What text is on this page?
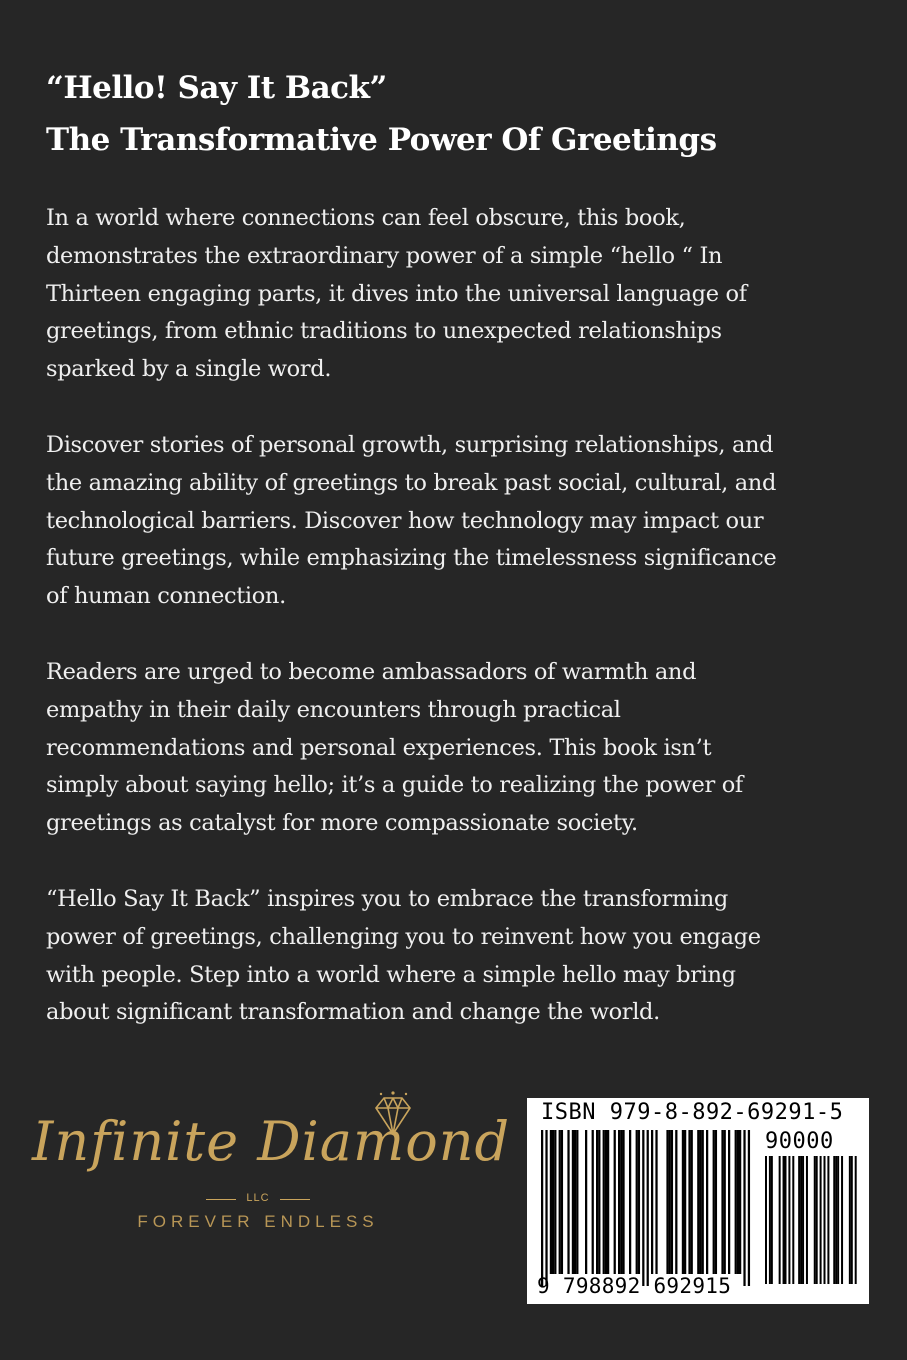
“Hello! Say It Back”
The Transformative Power Of Greetings

In a world where connections can feel obscure, this book,
demonstrates the extraordinary power of a simple “hello “ In
Thirteen engaging parts, it dives into the universal language of
greetings, from ethnic traditions to unexpected relationships
sparked by a single word.

Discover stories of personal growth, surprising relationships, and
the amazing ability of greetings to break past social, cultural, and
technological barriers. Discover how technology may impact our
future greetings, while emphasizing the timelessness significance
of human connection.

Readers are urged to become ambassadors of warmth and
empathy in their daily encounters through practical
recommendations and personal experiences. This book isn’t
simply about saying hello; it’s a guide to realizing the power of
greetings as catalyst for more compassionate society.

“Hello Say It Back” inspires you to embrace the transforming
power of greetings, challenging you to reinvent how you engage
with people. Step into a world where a simple hello may bring
about significant transformation and change the world.

Infinite Diamond
LLC
FOREVER ENDLESS
ISBN 979-8-892-69291-5
90000
9 798892 692915
